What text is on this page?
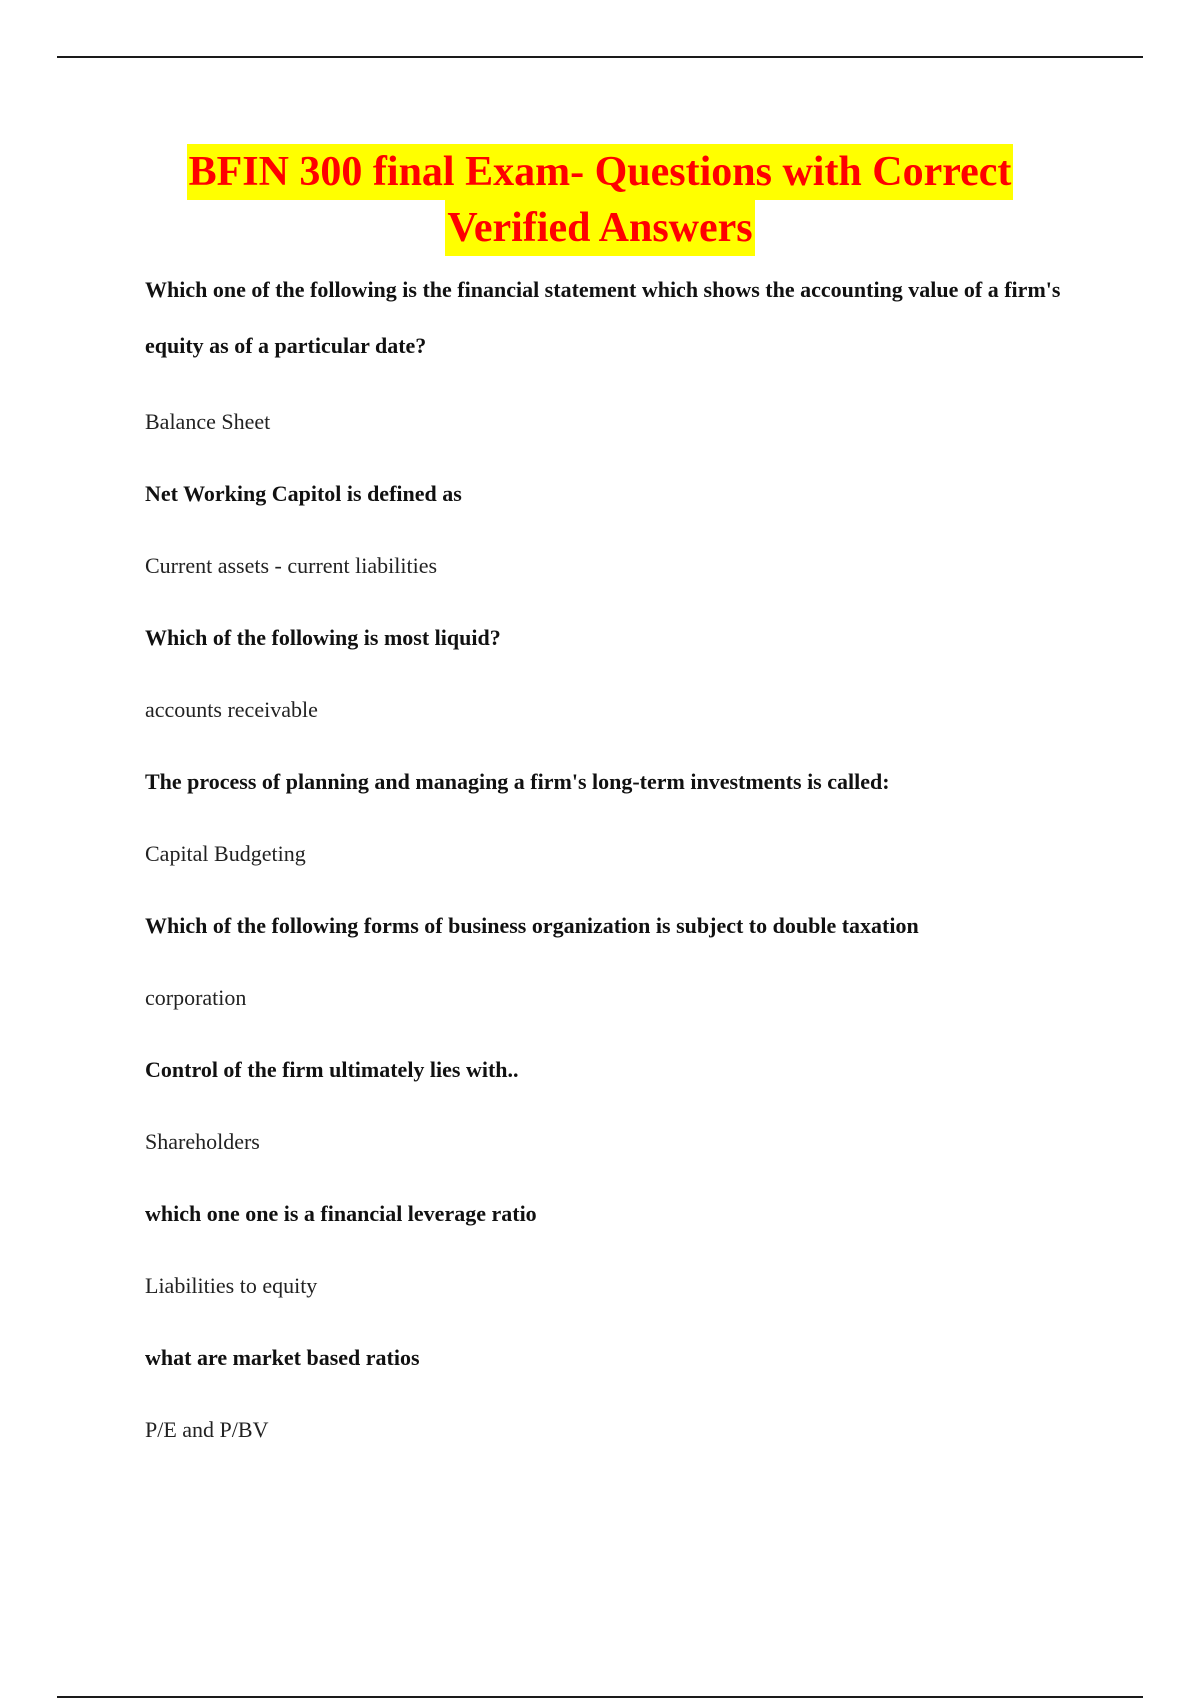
BFIN 300 final Exam- Questions with Correct
Verified Answers

Which one of the following is the financial statement which shows the accounting value of a firm's equity as of a particular date?

Balance Sheet

Net Working Capitol is defined as

Current assets - current liabilities

Which of the following is most liquid?

accounts receivable

The process of planning and managing a firm's long-term investments is called:

Capital Budgeting

Which of the following forms of business organization is subject to double taxation

corporation

Control of the firm ultimately lies with..

Shareholders

which one one is a financial leverage ratio

Liabilities to equity

what are market based ratios

P/E and P/BV
